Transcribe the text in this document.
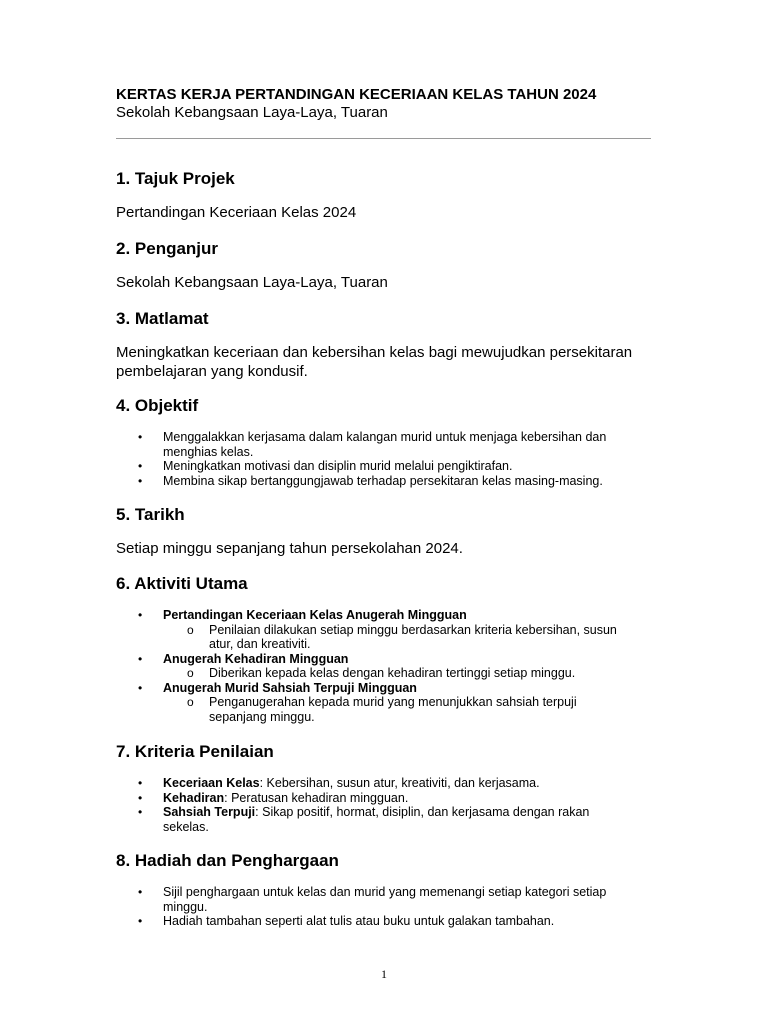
KERTAS KERJA PERTANDINGAN KECERIAAN KELAS TAHUN 2024

Sekolah Kebangsaan Laya-Laya, Tuaran

1. Tajuk Projek

Pertandingan Keceriaan Kelas 2024

2. Penganjur

Sekolah Kebangsaan Laya-Laya, Tuaran

3. Matlamat

Meningkatkan keceriaan dan kebersihan kelas bagi mewujudkan persekitaran pembelajaran yang kondusif.

4. Objektif
• Menggalakkan kerjasama dalam kalangan murid untuk menjaga kebersihan dan menghias kelas.
• Meningkatkan motivasi dan disiplin murid melalui pengiktirafan.
• Membina sikap bertanggungjawab terhadap persekitaran kelas masing-masing.
5. Tarikh

Setiap minggu sepanjang tahun persekolahan 2024.

6. Aktiviti Utama
• Pertandingan Keceriaan Kelas Anugerah Mingguan
o Penilaian dilakukan setiap minggu berdasarkan kriteria kebersihan, susun atur, dan kreativiti.
• Anugerah Kehadiran Mingguan
o Diberikan kepada kelas dengan kehadiran tertinggi setiap minggu.
• Anugerah Murid Sahsiah Terpuji Mingguan
o Penganugerahan kepada murid yang menunjukkan sahsiah terpuji sepanjang minggu.
7. Kriteria Penilaian
• Keceriaan Kelas: Kebersihan, susun atur, kreativiti, dan kerjasama.
• Kehadiran: Peratusan kehadiran mingguan.
• Sahsiah Terpuji: Sikap positif, hormat, disiplin, dan kerjasama dengan rakan sekelas.
8. Hadiah dan Penghargaan
• Sijil penghargaan untuk kelas dan murid yang memenangi setiap kategori setiap minggu.
• Hadiah tambahan seperti alat tulis atau buku untuk galakan tambahan.
1
